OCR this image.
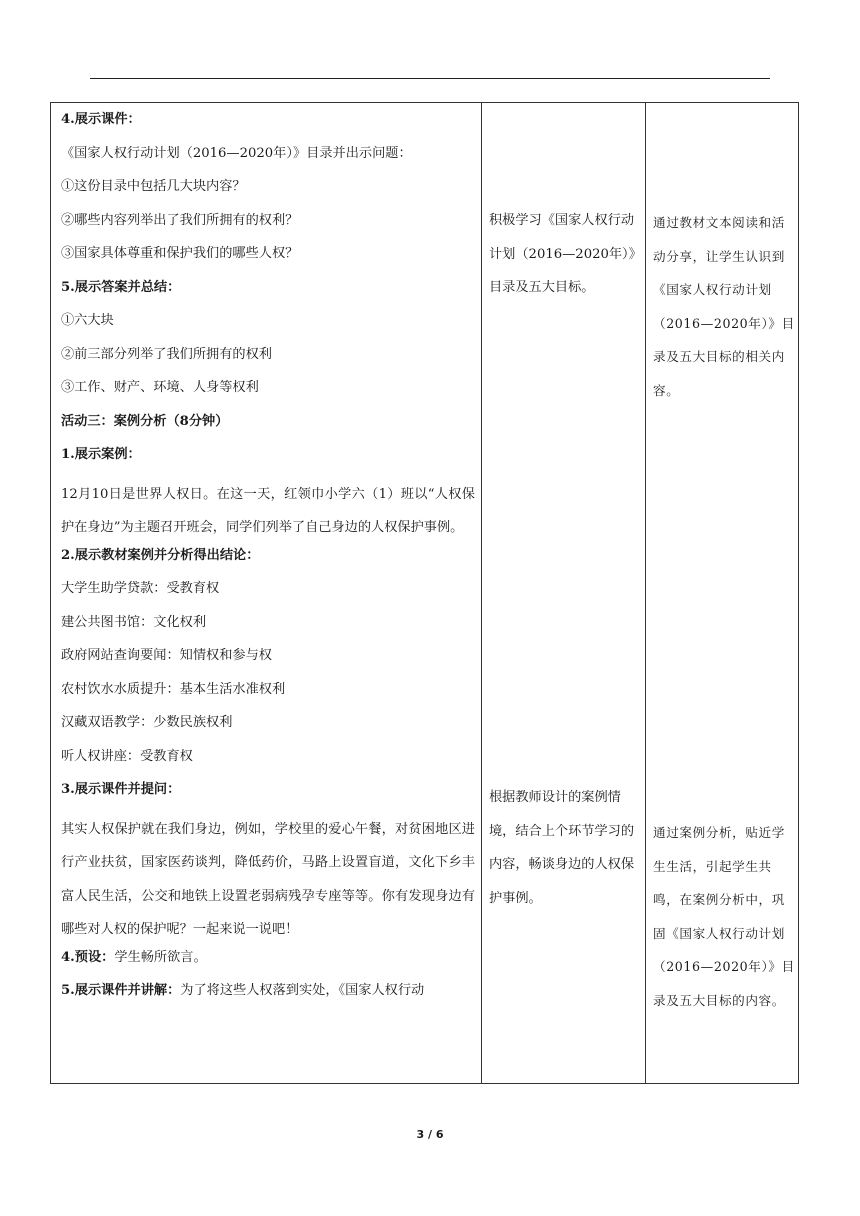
4.展示课件：
《国家人权行动计划（2016—2020年）》目录并出示问题：
①这份目录中包括几大块内容？
②哪些内容列举出了我们所拥有的权利？
③国家具体尊重和保护我们的哪些人权？
5.展示答案并总结：
①六大块
②前三部分列举了我们所拥有的权利
③工作、财产、环境、人身等权利
活动三：案例分析（8分钟）
1.展示案例：
12月10日是世界人权日。在这一天，红领巾小学六（1）班以“人权保护在身边”为主题召开班会，同学们列举了自己身边的人权保护事例。
2.展示教材案例并分析得出结论：
大学生助学贷款：受教育权
建公共图书馆：文化权利
政府网站查询要闻：知情权和参与权
农村饮水水质提升：基本生活水准权利
汉藏双语教学：少数民族权利
听人权讲座：受教育权
3.展示课件并提问：
其实人权保护就在我们身边，例如，学校里的爱心午餐，对贫困地区进行产业扶贫，国家医药谈判，降低药价，马路上设置盲道，文化下乡丰富人民生活，公交和地铁上设置老弱病残孕专座等等。你有发现身边有哪些对人权的保护呢？一起来说一说吧！
4.预设：学生畅所欲言。
5.展示课件并讲解：为了将这些人权落到实处，《国家人权行动
积极学习《国家人权行动计划（2016—2020年）》目录及五大目标。
根据教师设计的案例情境，结合上个环节学习的内容，畅谈身边的人权保护事例。
通过教材文本阅读和活动分享，让学生认识到《国家人权行动计划（2016—2020年）》目录及五大目标的相关内容。
通过案例分析，贴近学生生活，引起学生共鸣，在案例分析中，巩固《国家人权行动计划（2016—2020年）》目录及五大目标的内容。
3 / 6
